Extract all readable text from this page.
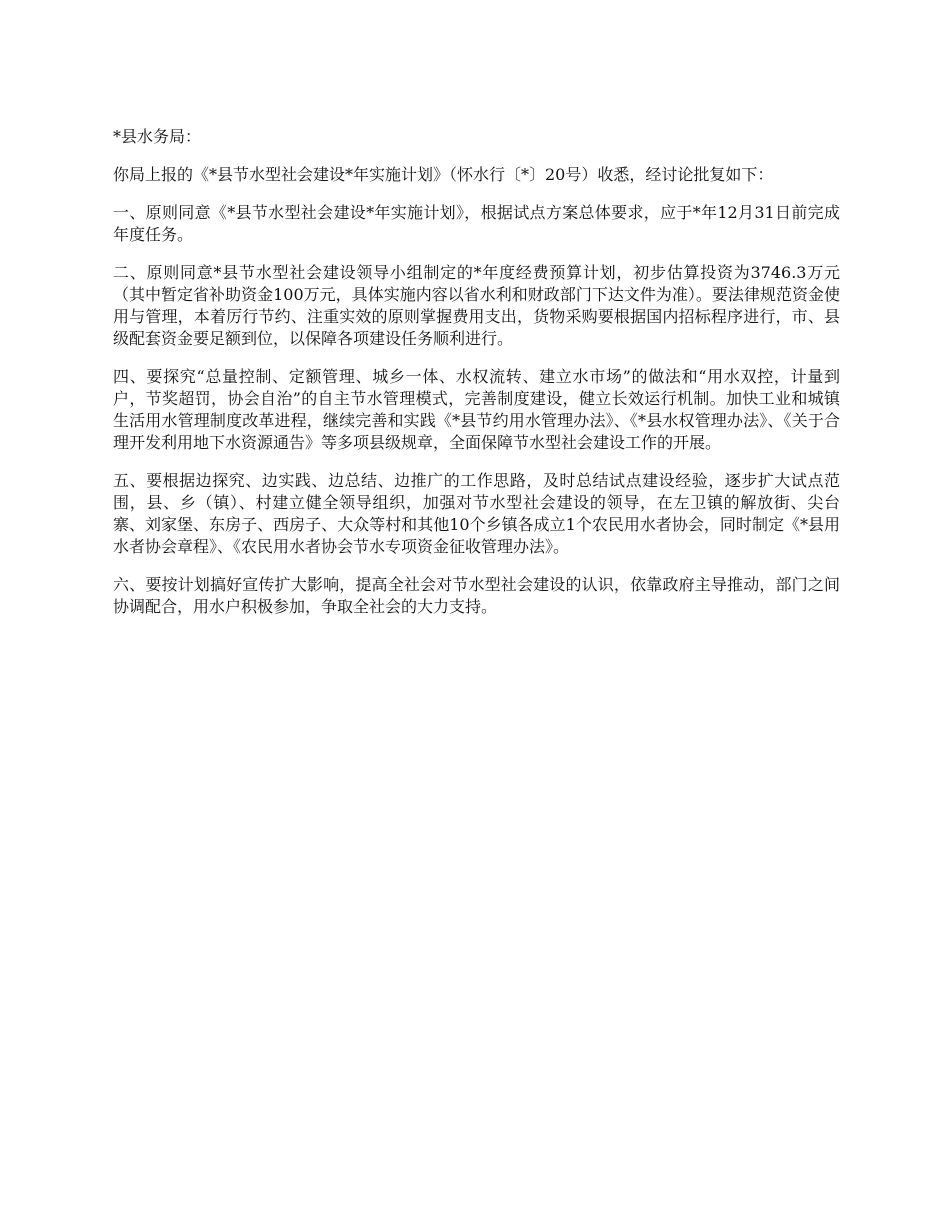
*县水务局：

你局上报的《*县节水型社会建设*年实施计划》（怀水行〔*〕20号）收悉，经讨论批复如下：

一、原则同意《*县节水型社会建设*年实施计划》，根据试点方案总体要求，应于*年12月31日前完成年度任务。

二、原则同意*县节水型社会建设领导小组制定的*年度经费预算计划，初步估算投资为3746.3万元（其中暂定省补助资金100万元，具体实施内容以省水利和财政部门下达文件为准）。要法律规范资金使用与管理，本着厉行节约、注重实效的原则掌握费用支出，货物采购要根据国内招标程序进行，市、县级配套资金要足额到位，以保障各项建设任务顺利进行。

四、要探究“总量控制、定额管理、城乡一体、水权流转、建立水市场”的做法和“用水双控，计量到户，节奖超罚，协会自治”的自主节水管理模式，完善制度建设，健立长效运行机制。加快工业和城镇生活用水管理制度改革进程，继续完善和实践《*县节约用水管理办法》、《*县水权管理办法》、《关于合理开发利用地下水资源通告》等多项县级规章，全面保障节水型社会建设工作的开展。

五、要根据边探究、边实践、边总结、边推广的工作思路，及时总结试点建设经验，逐步扩大试点范围，县、乡（镇）、村建立健全领导组织，加强对节水型社会建设的领导，在左卫镇的解放街、尖台寨、刘家堡、东房子、西房子、大众等村和其他10个乡镇各成立1个农民用水者协会，同时制定《*县用水者协会章程》、《农民用水者协会节水专项资金征收管理办法》。

六、要按计划搞好宣传扩大影响，提高全社会对节水型社会建设的认识，依靠政府主导推动，部门之间协调配合，用水户积极参加，争取全社会的大力支持。
